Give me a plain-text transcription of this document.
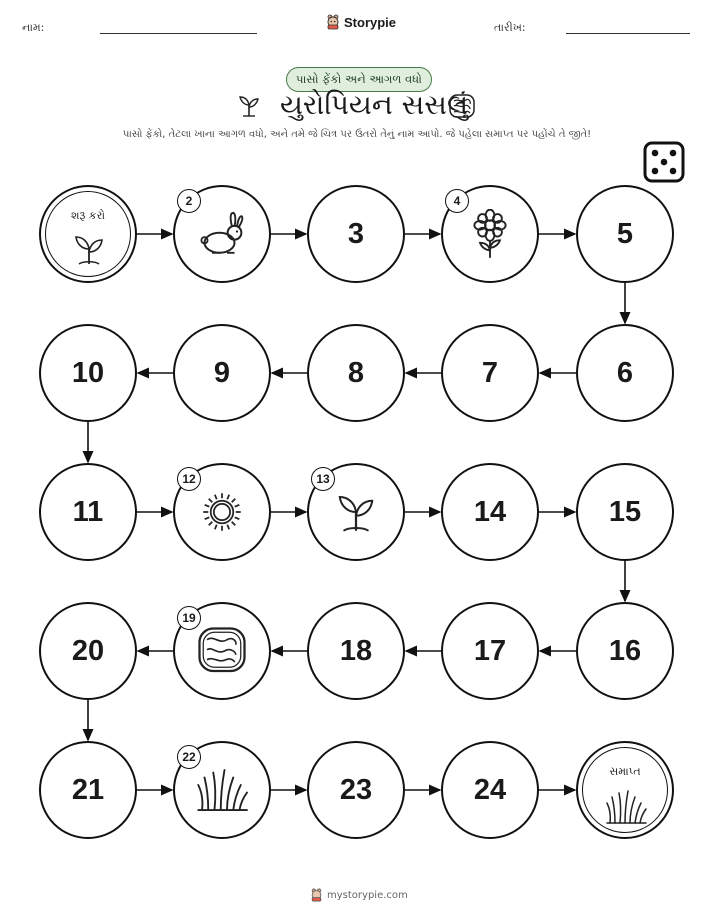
નામ:	Storypie	તારીખ:
પાસો ફેંકો અને આગળ વધો
યુરોપિયન સસલું
પાસો ફેંકો, તેટલા ખાના આગળ વધો, અને તમે જે ચિત્ર પર ઉતરો તેનું નામ આપો. જે પહેલા સમાપ્ત પર પહોંચે તે જીતે!
શરૂ કરો
2
3
4
5
6
7
8
9
10
11
12	13
14	15
16
17
18
19
20
21
22
23	24
સમાપ્ત
mystorypie.com
